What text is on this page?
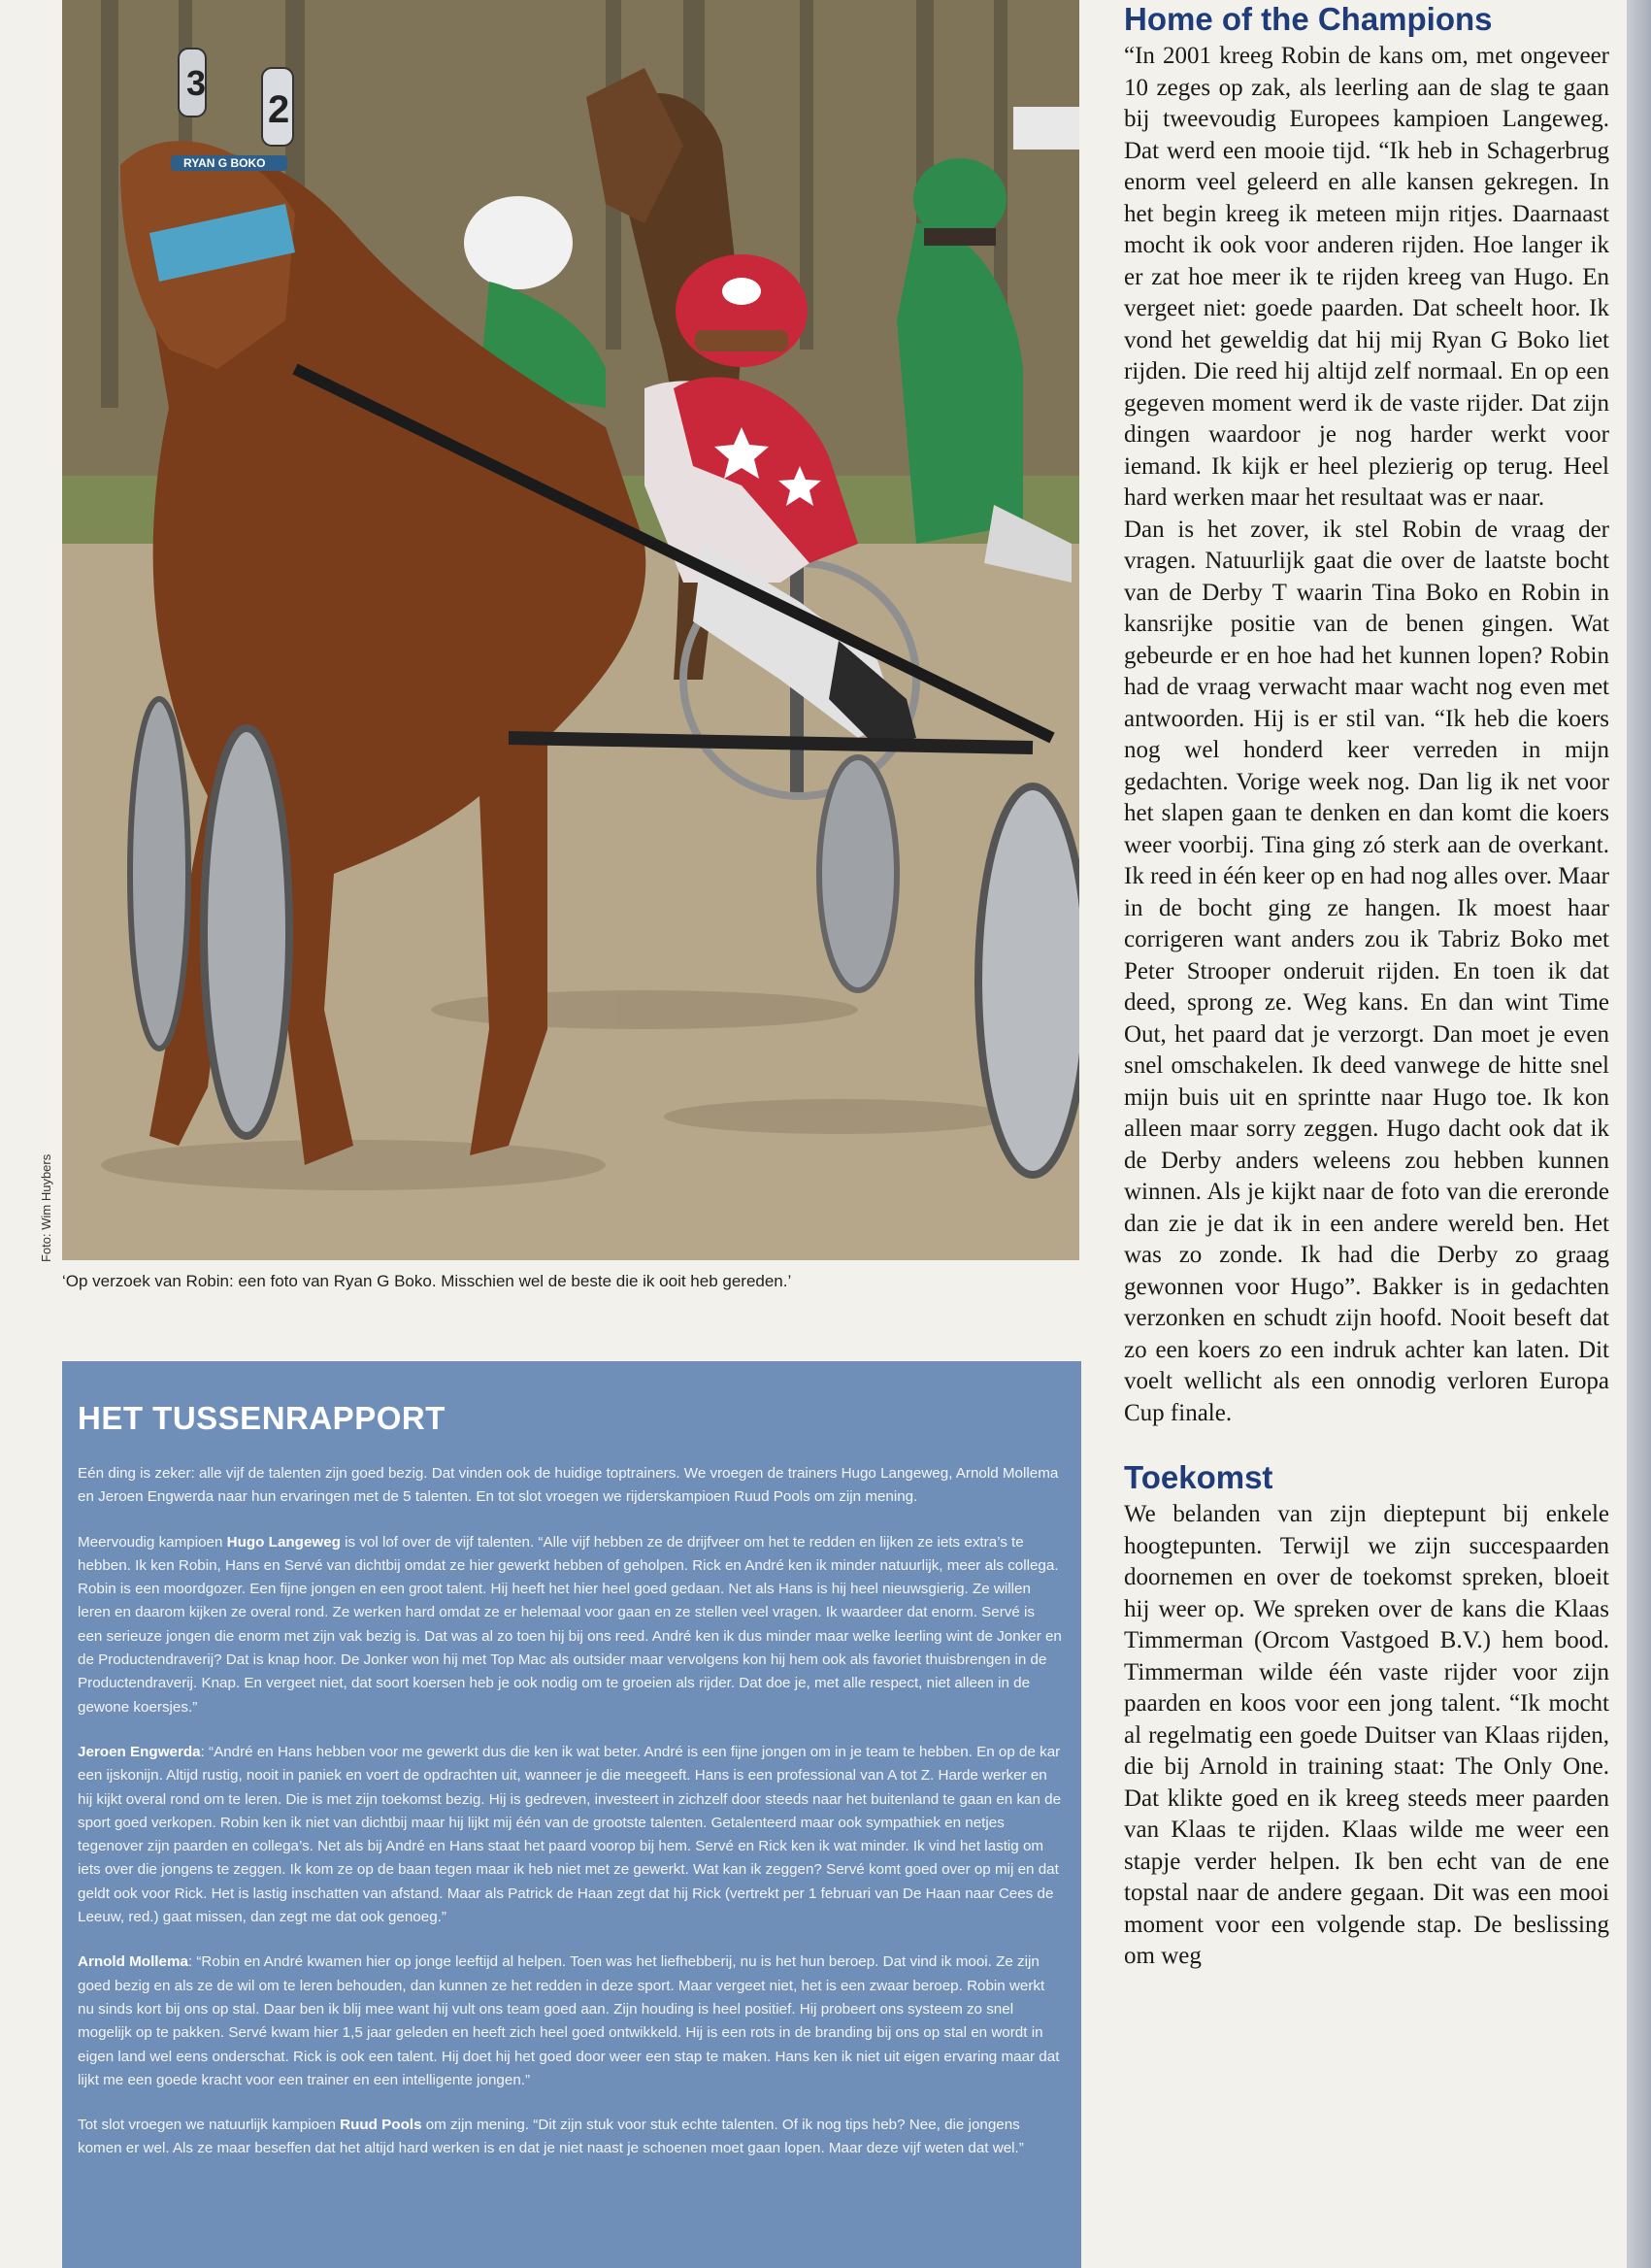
3
2
RYAN G BOKO
Foto: Wim Huybers
‘Op verzoek van Robin: een foto van Ryan G Boko. Misschien wel de beste die ik ooit heb gereden.’
HET TUSSENRAPPORT

Eén ding is zeker: alle vijf de talenten zijn goed bezig. Dat vinden ook de huidige toptrainers. We vroegen de trainers Hugo Langeweg, Arnold Mollema en Jeroen Engwerda naar hun ervaringen met de 5 talenten. En tot slot vroegen we rijderskampioen Ruud Pools om zijn mening.

Meervoudig kampioen Hugo Langeweg is vol lof over de vijf talenten. “Alle vijf hebben ze de drijfveer om het te redden en lijken ze iets extra’s te hebben. Ik ken Robin, Hans en Servé van dichtbij omdat ze hier gewerkt hebben of geholpen. Rick en André ken ik minder natuurlijk, meer als collega. Robin is een moordgozer. Een fijne jongen en een groot talent. Hij heeft het hier heel goed gedaan. Net als Hans is hij heel nieuwsgierig. Ze willen leren en daarom kijken ze overal rond. Ze werken hard omdat ze er helemaal voor gaan en ze stellen veel vragen. Ik waardeer dat enorm. Servé is een serieuze jongen die enorm met zijn vak bezig is. Dat was al zo toen hij bij ons reed. André ken ik dus minder maar welke leerling wint de Jonker en de Productendraverij? Dat is knap hoor. De Jonker won hij met Top Mac als outsider maar vervolgens kon hij hem ook als favoriet thuisbrengen in de Productendraverij. Knap. En vergeet niet, dat soort koersen heb je ook nodig om te groeien als rijder. Dat doe je, met alle respect, niet alleen in de gewone koersjes.”

Jeroen Engwerda: “André en Hans hebben voor me gewerkt dus die ken ik wat beter. André is een fijne jongen om in je team te hebben. En op de kar een ijskonijn. Altijd rustig, nooit in paniek en voert de opdrachten uit, wanneer je die meegeeft. Hans is een professional van A tot Z. Harde werker en hij kijkt overal rond om te leren. Die is met zijn toekomst bezig. Hij is gedreven, investeert in zichzelf door steeds naar het buitenland te gaan en kan de sport goed verkopen. Robin ken ik niet van dichtbij maar hij lijkt mij één van de grootste talenten. Getalenteerd maar ook sympathiek en netjes tegenover zijn paarden en collega’s. Net als bij André en Hans staat het paard voorop bij hem. Servé en Rick ken ik wat minder. Ik vind het lastig om iets over die jongens te zeggen. Ik kom ze op de baan tegen maar ik heb niet met ze gewerkt. Wat kan ik zeggen? Servé komt goed over op mij en dat geldt ook voor Rick. Het is lastig inschatten van afstand. Maar als Patrick de Haan zegt dat hij Rick (vertrekt per 1 februari van De Haan naar Cees de Leeuw, red.) gaat missen, dan zegt me dat ook genoeg.”

Arnold Mollema: “Robin en André kwamen hier op jonge leeftijd al helpen. Toen was het liefhebberij, nu is het hun beroep. Dat vind ik mooi. Ze zijn goed bezig en als ze de wil om te leren behouden, dan kunnen ze het redden in deze sport. Maar vergeet niet, het is een zwaar beroep. Robin werkt nu sinds kort bij ons op stal. Daar ben ik blij mee want hij vult ons team goed aan. Zijn houding is heel positief. Hij probeert ons systeem zo snel mogelijk op te pakken. Servé kwam hier 1,5 jaar geleden en heeft zich heel goed ontwikkeld. Hij is een rots in de branding bij ons op stal en wordt in eigen land wel eens onderschat. Rick is ook een talent. Hij doet hij het goed door weer een stap te maken. Hans ken ik niet uit eigen ervaring maar dat lijkt me een goede kracht voor een trainer en een intelligente jongen.”

Tot slot vroegen we natuurlijk kampioen Ruud Pools om zijn mening. “Dit zijn stuk voor stuk echte talenten. Of ik nog tips heb? Nee, die jongens komen er wel. Als ze maar beseffen dat het altijd hard werken is en dat je niet naast je schoenen moet gaan lopen. Maar deze vijf weten dat wel.”

Home of the Champions

“In 2001 kreeg Robin de kans om, met ongeveer 10 zeges op zak, als leerling aan de slag te gaan bij tweevoudig Europees kampioen Langeweg. Dat werd een mooie tijd. “Ik heb in Schagerbrug enorm veel geleerd en alle kansen gekregen. In het begin kreeg ik meteen mijn ritjes. Daarnaast mocht ik ook voor anderen rijden. Hoe langer ik er zat hoe meer ik te rijden kreeg van Hugo. En vergeet niet: goede paarden. Dat scheelt hoor. Ik vond het geweldig dat hij mij Ryan G Boko liet rijden. Die reed hij altijd zelf normaal. En op een gegeven moment werd ik de vaste rijder. Dat zijn dingen waardoor je nog harder werkt voor iemand. Ik kijk er heel plezierig op terug. Heel hard werken maar het resultaat was er naar.

Dan is het zover, ik stel Robin de vraag der vragen. Natuurlijk gaat die over de laatste bocht van de Derby T waarin Tina Boko en Robin in kansrijke positie van de benen gingen. Wat gebeurde er en hoe had het kunnen lopen? Robin had de vraag verwacht maar wacht nog even met antwoorden. Hij is er stil van. “Ik heb die koers nog wel honderd keer verreden in mijn gedachten. Vorige week nog. Dan lig ik net voor het slapen gaan te denken en dan komt die koers weer voorbij. Tina ging zó sterk aan de overkant. Ik reed in één keer op en had nog alles over. Maar in de bocht ging ze hangen. Ik moest haar corrigeren want anders zou ik Tabriz Boko met Peter Strooper onderuit rijden. En toen ik dat deed, sprong ze. Weg kans. En dan wint Time Out, het paard dat je verzorgt. Dan moet je even snel omschakelen. Ik deed vanwege de hitte snel mijn buis uit en sprintte naar Hugo toe. Ik kon alleen maar sorry zeggen. Hugo dacht ook dat ik de Derby anders weleens zou hebben kunnen winnen. Als je kijkt naar de foto van die ereronde dan zie je dat ik in een andere wereld ben. Het was zo zonde. Ik had die Derby zo graag gewonnen voor Hugo”. Bakker is in gedachten verzonken en schudt zijn hoofd. Nooit beseft dat zo een koers zo een indruk achter kan laten. Dit voelt wellicht als een onnodig verloren Europa Cup finale.

Toekomst

We belanden van zijn dieptepunt bij enkele hoogtepunten. Terwijl we zijn succespaarden doornemen en over de toekomst spreken, bloeit hij weer op. We spreken over de kans die Klaas Timmerman (Orcom Vastgoed B.V.) hem bood. Timmerman wilde één vaste rijder voor zijn paarden en koos voor een jong talent. “Ik mocht al regelmatig een goede Duitser van Klaas rijden, die bij Arnold in training staat: The Only One. Dat klikte goed en ik kreeg steeds meer paarden van Klaas te rijden. Klaas wilde me weer een stapje verder helpen. Ik ben echt van de ene topstal naar de andere gegaan. Dit was een mooi moment voor een volgende stap. De beslissing om weg
